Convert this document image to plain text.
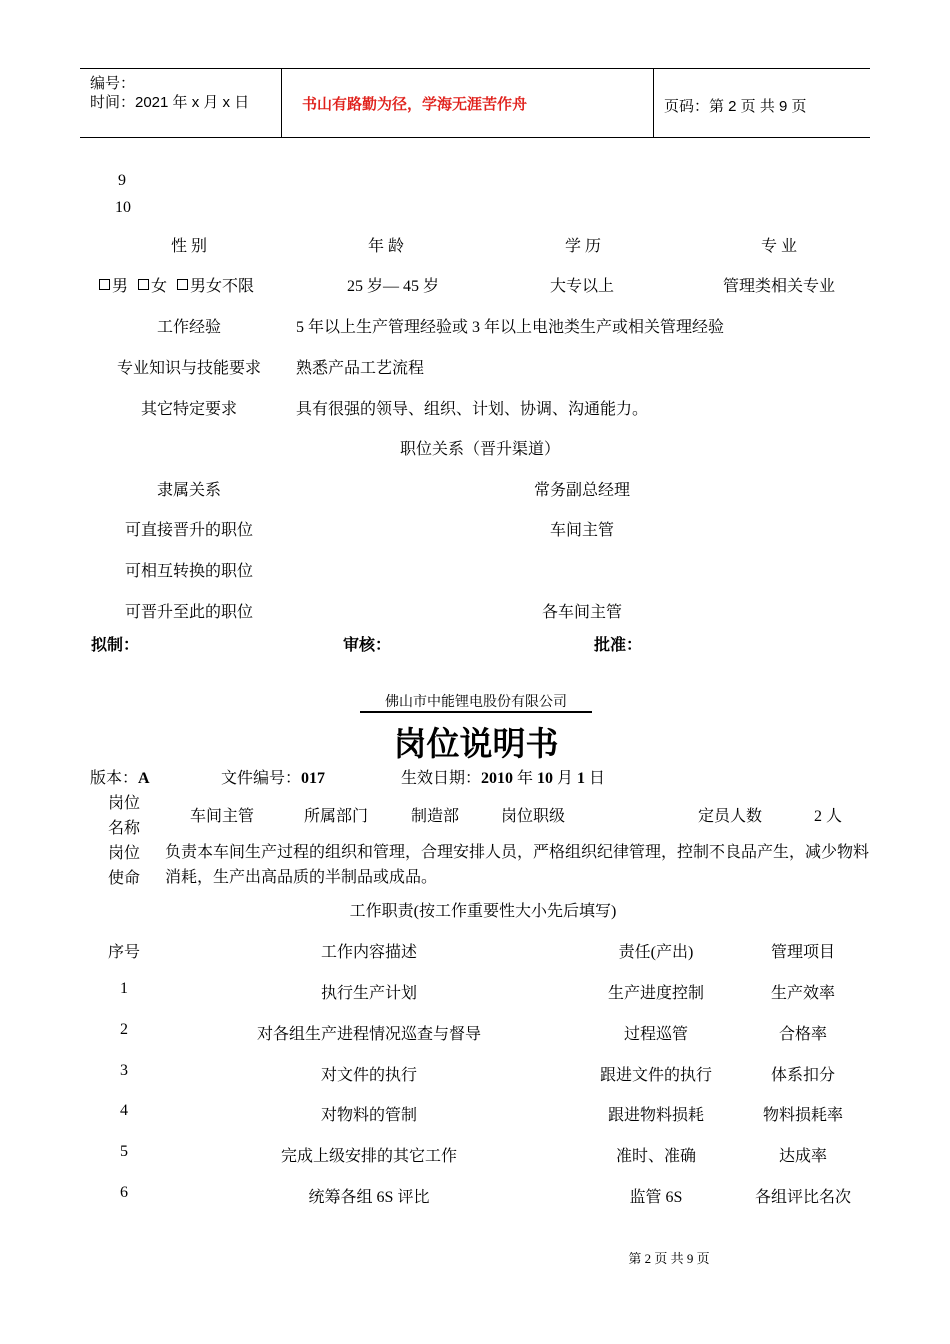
编号：
时间：2021 年 x 月 x 日	书山有路勤为径，学海无涯苦作舟	页码：第 2 页 共 9 页
9
10
性 别	年 龄	学 历	专 业
男 女 男女不限	25 岁— 45 岁	大专以上	管理类相关专业
工作经验	5 年以上生产管理经验或 3 年以上电池类生产或相关管理经验
专业知识与技能要求 熟悉产品工艺流程
其它特定要求	具有很强的领导、组织、计划、协调、沟通能力。
职位关系（晋升渠道）
隶属关系	常务副总经理
可直接晋升的职位	车间主管
可相互转换的职位
可晋升至此的职位	各车间主管
拟制：	审核：	批准：
佛山市中能锂电股份有限公司
岗位说明书
版本：A	文件编号：017	生效日期：2010 年 10 月 1 日
岗位
名称
车间主管	所属部门	制造部	岗位职级	定员人数	2 人
岗位
使命
负责本车间生产过程的组织和管理，合理安排人员，严格组织纪律管理，控制不良品产生，减少物料消耗，生产出高品质的半制品或成品。
工作职责(按工作重要性大小先后填写)
序号	工作内容描述	责任(产出)	管理项目
1	执行生产计划	生产进度控制	生产效率
2	对各组生产进程情况巡查与督导	过程巡管	合格率
3	对文件的执行	跟进文件的执行	体系扣分
4	对物料的管制	跟进物料损耗	物料损耗率
5	完成上级安排的其它工作	准时、准确	达成率
6	统筹各组 6S 评比	监管 6S	各组评比名次
第 2 页 共 9 页
